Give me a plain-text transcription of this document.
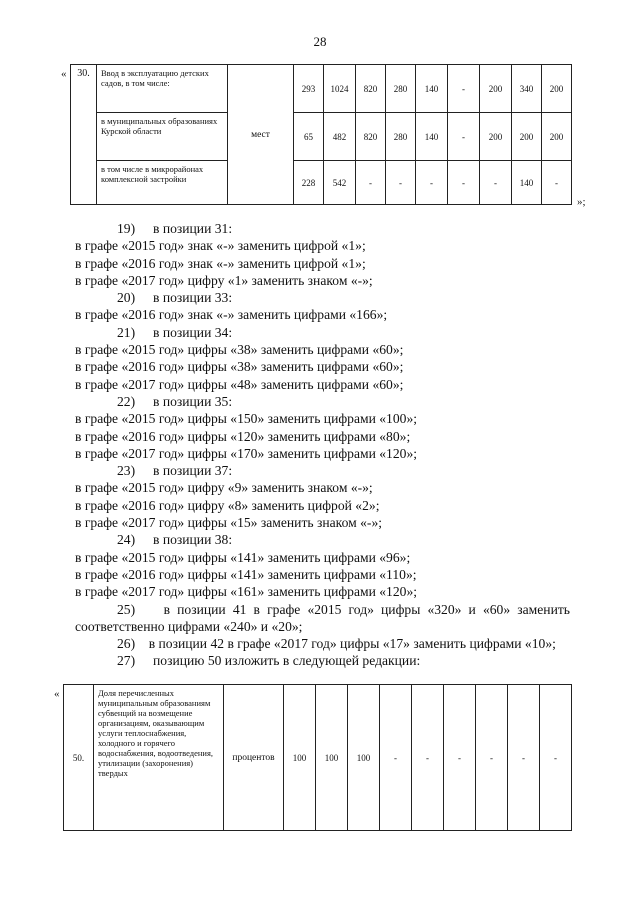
28
«
»;
30.	Ввод в эксплуатацию детских садов, в том числе:	мест	293	1024	820	280	140	-	200	340	200
	в муниципальных образованиях Курской области		65	482	820	280	140	-	200	200	200
	в том числе в микрорайонах комплексной застройки		228	542	-	-	-	-	-	140	-

19) в позиции 31:

в графе «2015 год» знак «-» заменить цифрой «1»;

в графе «2016 год» знак «-» заменить цифрой «1»;

в графе «2017 год» цифру «1» заменить знаком «-»;

20) в позиции 33:

в графе «2016 год» знак «-» заменить цифрами «166»;

21) в позиции 34:

в графе «2015 год» цифры «38» заменить цифрами «60»;

в графе «2016 год» цифры «38» заменить цифрами «60»;

в графе «2017 год» цифры «48» заменить цифрами «60»;

22) в позиции 35:

в графе «2015 год» цифры «150» заменить цифрами «100»;

в графе «2016 год» цифры «120» заменить цифрами «80»;

в графе «2017 год» цифры «170» заменить цифрами «120»;

23) в позиции 37:

в графе «2015 год» цифру «9» заменить знаком «-»;

в графе «2016 год» цифру «8» заменить цифрой «2»;

в графе «2017 год» цифры «15» заменить знаком «-»;

24) в позиции 38:

в графе «2015 год» цифры «141» заменить цифрами «96»;

в графе «2016 год» цифры «141» заменить цифрами «110»;

в графе «2017 год» цифры «161» заменить цифрами «120»;

25)    в позиции 41 в графе «2015 год» цифры «320» и «60» заменить соответственно цифрами «240» и «20»;

26)    в позиции 42 в графе «2017 год» цифры «17» заменить цифрами «10»;

27) позицию 50 изложить в следующей редакции:

«
50.	Доля перечисленных муниципальным образованиям субвенций на возмещение организациям, оказывающим услуги теплоснабжения, холодного и горячего водоснабжения, водоотведения, утилизации (захоронения) твердых	процентов	100	100	100	-	-	-	-	-	-
